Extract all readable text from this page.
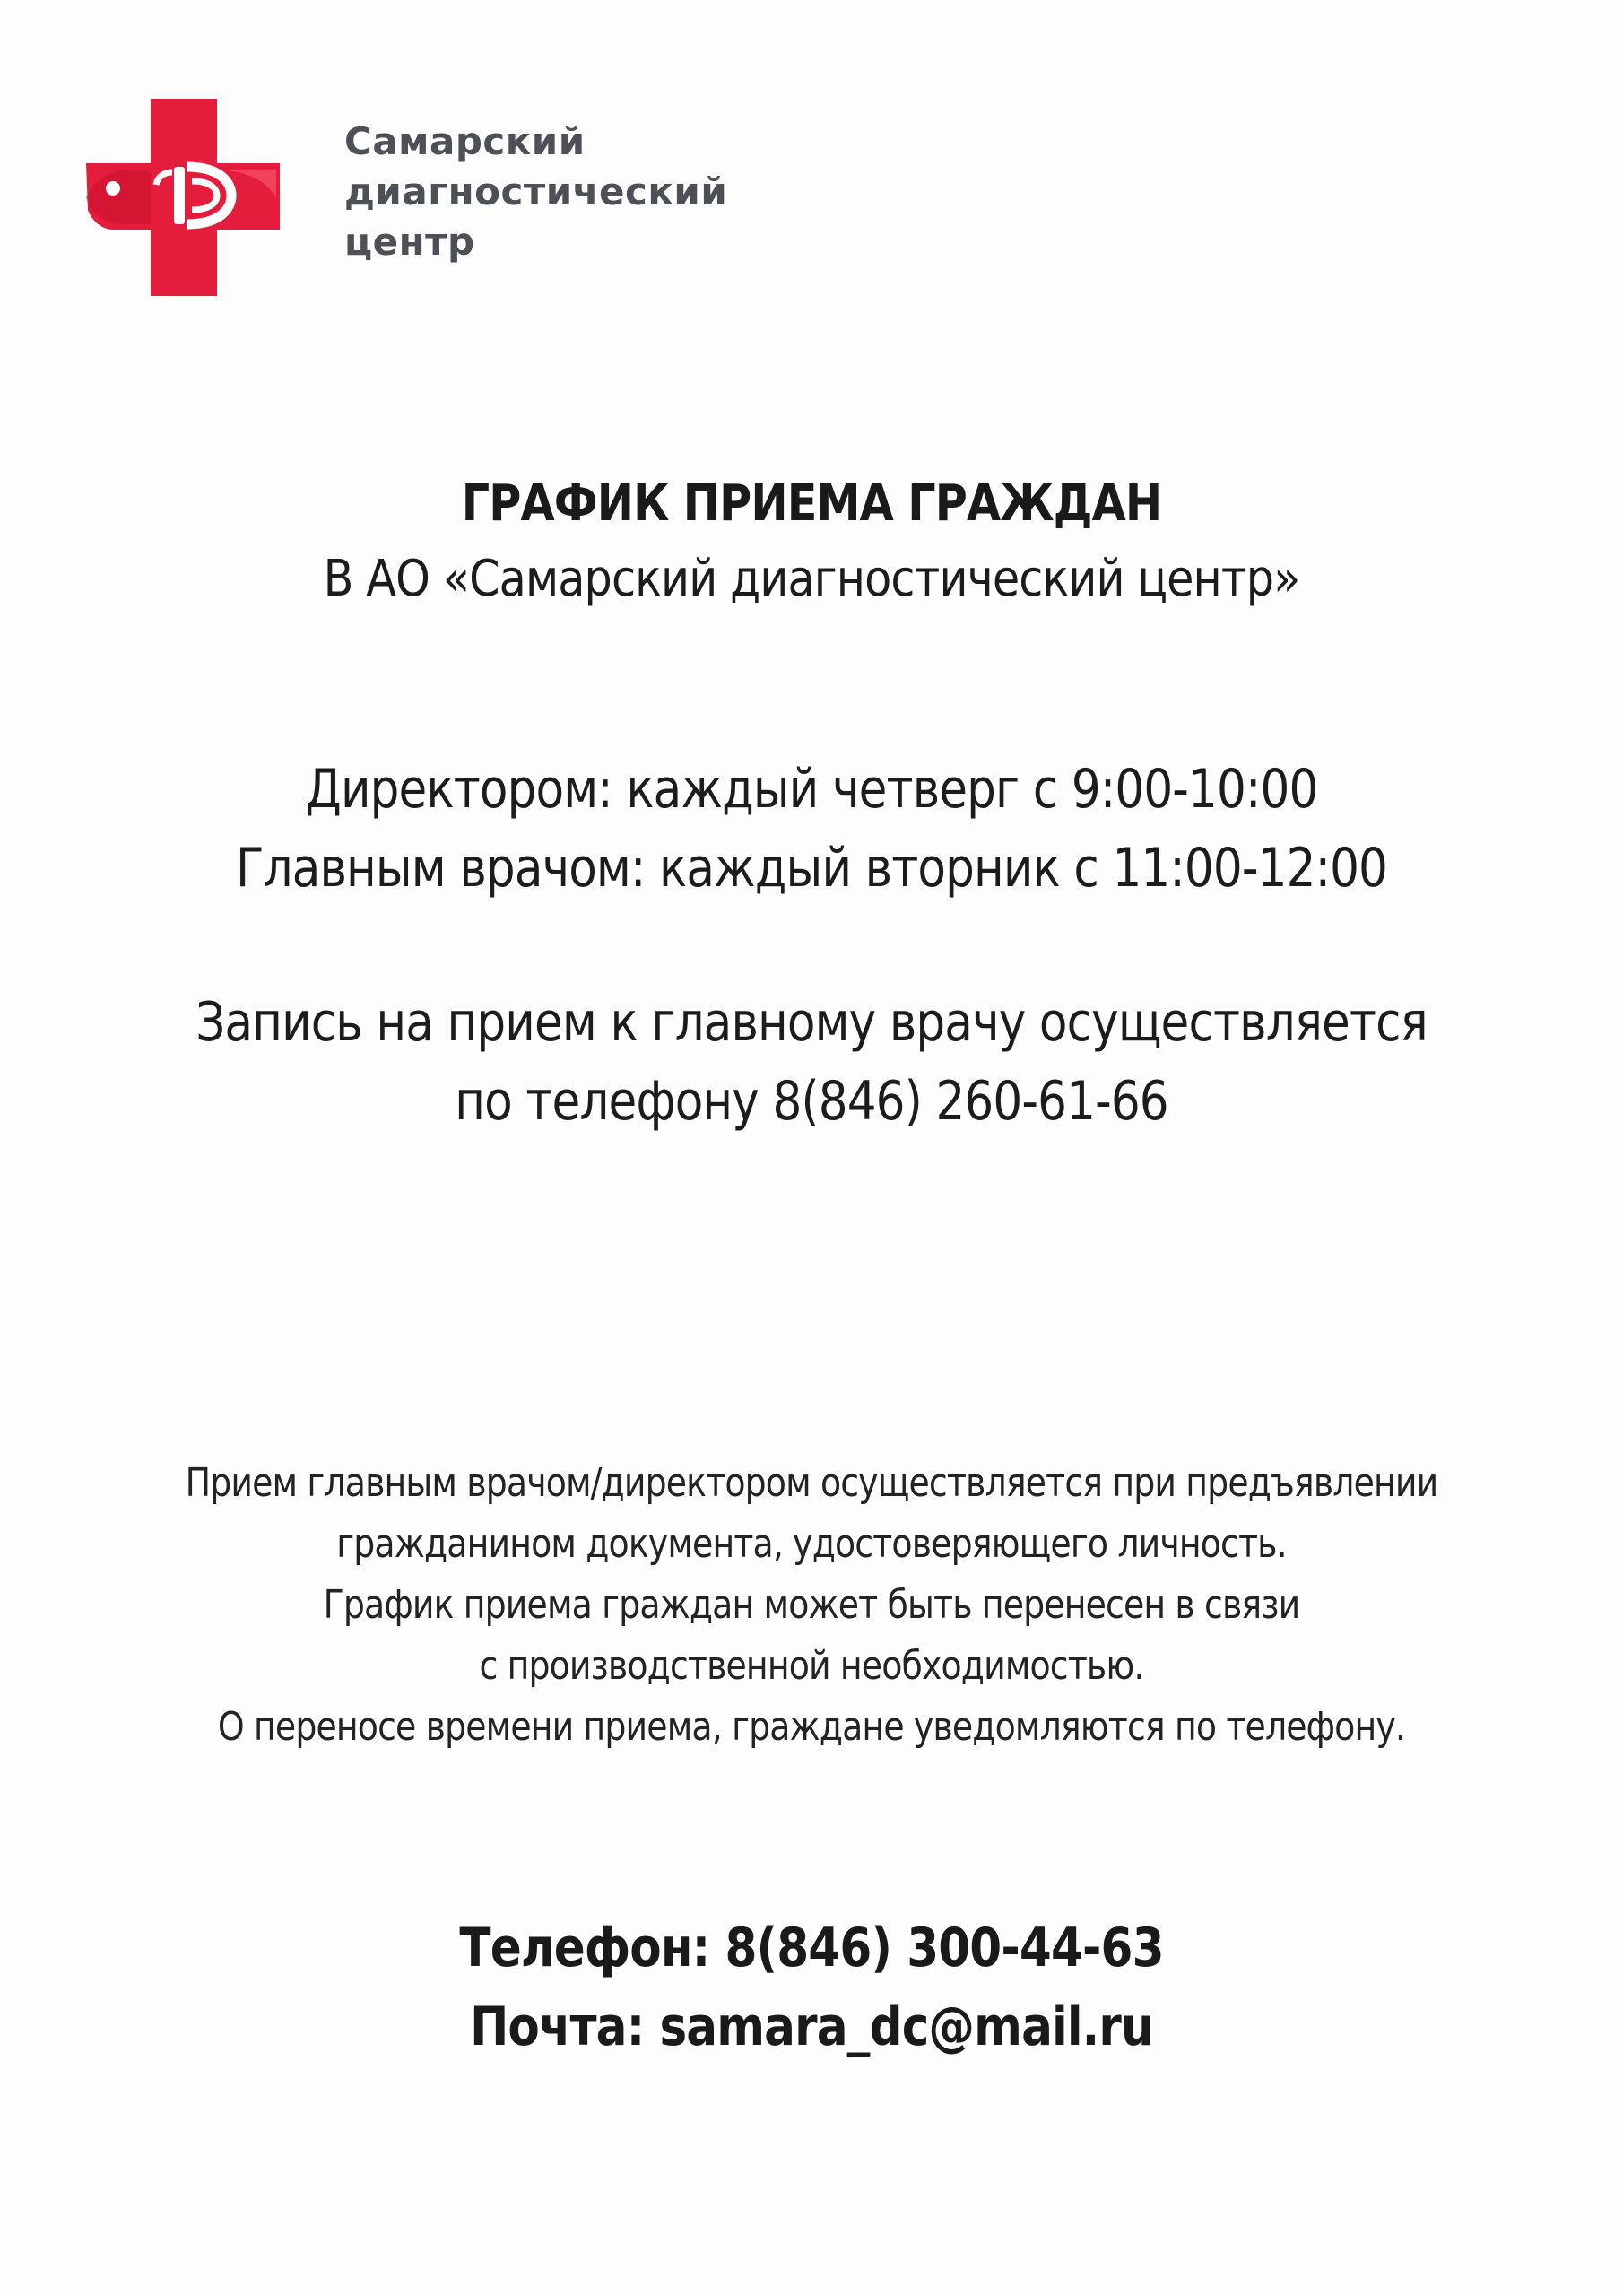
Самарский
диагностический
центр
ГРАФИК ПРИЕМА ГРАЖДАН
В АО «Самарский диагностический центр»
Директором: каждый четверг с 9:00-10:00
Главным врачом: каждый вторник с 11:00-12:00
Запись на прием к главному врачу осуществляется
по телефону 8(846) 260-61-66
Прием главным врачом/директором осуществляется при предъявлении
гражданином документа, удостоверяющего личность.
График приема граждан может быть перенесен в связи
с производственной необходимостью.
О переносе времени приема, граждане уведомляются по телефону.
Телефон: 8(846) 300-44-63
Почта: samara_dc@mail.ru
